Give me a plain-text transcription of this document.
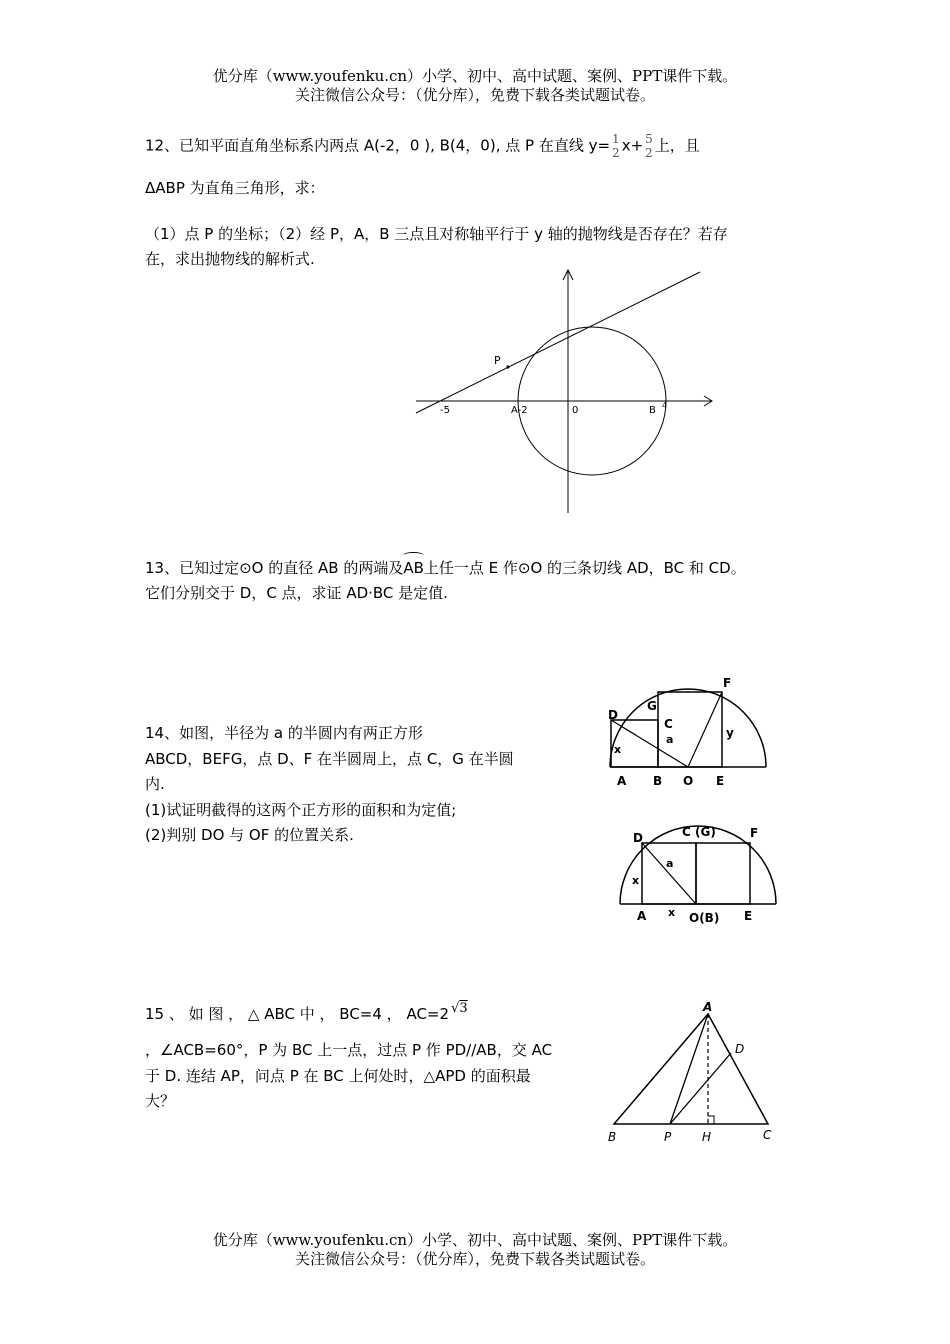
优分库（www.youfenku.cn）小学、初中、高中试题、案例、PPT课件下载。
关注微信公众号：（优分库），免费下载各类试题试卷。
12、已知平面直角坐标系内两点 A(-2，0 ), B(4，0), 点 P 在直线 y= 1
2 x+ 5
2 上，且
ΔABP 为直角三角形，求：
（1）点 P 的坐标；（2）经 P，A，B 三点且对称轴平行于 y 轴的抛物线是否存在？若存
在，求出抛物线的解析式.
P
-5	A-2	0	B 4
13、已知过定⊙O 的直径 AB 的两端及AB上任一点 E 作⊙O 的三条切线 AD，BC 和 CD。
它们分别交于 D，C 点，求证 AD·BC 是定值.
14、如图，半径为 a 的半圆内有两正方形
ABCD，BEFG，点 D、F 在半圆周上，点 C，G 在半圆
内.
(1)试证明截得的这两个正方形的面积和为定值;
(2)判别 DO 与 OF 的位置关系.
D
G
C
a
F
x
y
A B O E
D	C (G)	F
a
x
x
A	O(B) E
15 、 如 图 ， △ ABC 中 ， BC=4 ， AC=2 √3
，∠ACB=60°，P 为 BC 上一点，过点 P 作 PD//AB，交 AC
于 D. 连结 AP，问点 P 在 BC 上何处时，△APD 的面积最
大？
A
D
B	P	H	C
优分库（www.youfenku.cn）小学、初中、高中试题、案例、PPT课件下载。
关注微信公众号：（优分库），免费下载各类试题试卷。
